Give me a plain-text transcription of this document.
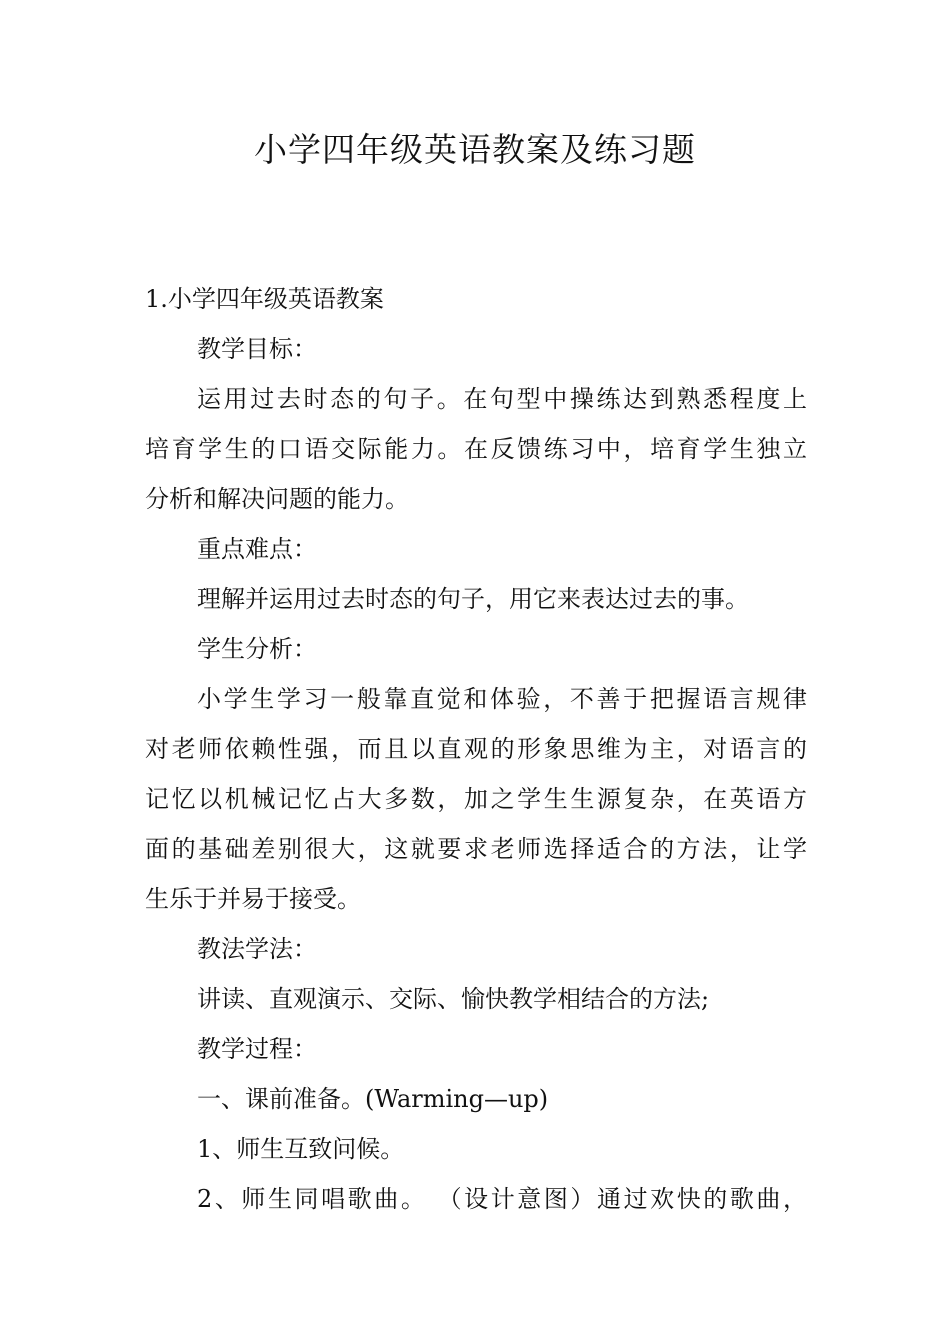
小学四年级英语教案及练习题
1.小学四年级英语教案
教学目标：
运用过去时态的句子。在句型中操练达到熟悉程度上
培育学生的口语交际能力。在反馈练习中，培育学生独立
分析和解决问题的能力。
重点难点：
理解并运用过去时态的句子，用它来表达过去的事。
学生分析：
小学生学习一般靠直觉和体验，不善于把握语言规律
对老师依赖性强，而且以直观的形象思维为主，对语言的
记忆以机械记忆占大多数，加之学生生源复杂，在英语方
面的基础差别很大，这就要求老师选择适合的方法，让学
生乐于并易于接受。
教法学法：
讲读、直观演示、交际、愉快教学相结合的方法;
教学过程：
一、课前准备。(Warming—up)
1、师生互致问候。
2、师生同唱歌曲。 （设计意图）通过欢快的歌曲，
